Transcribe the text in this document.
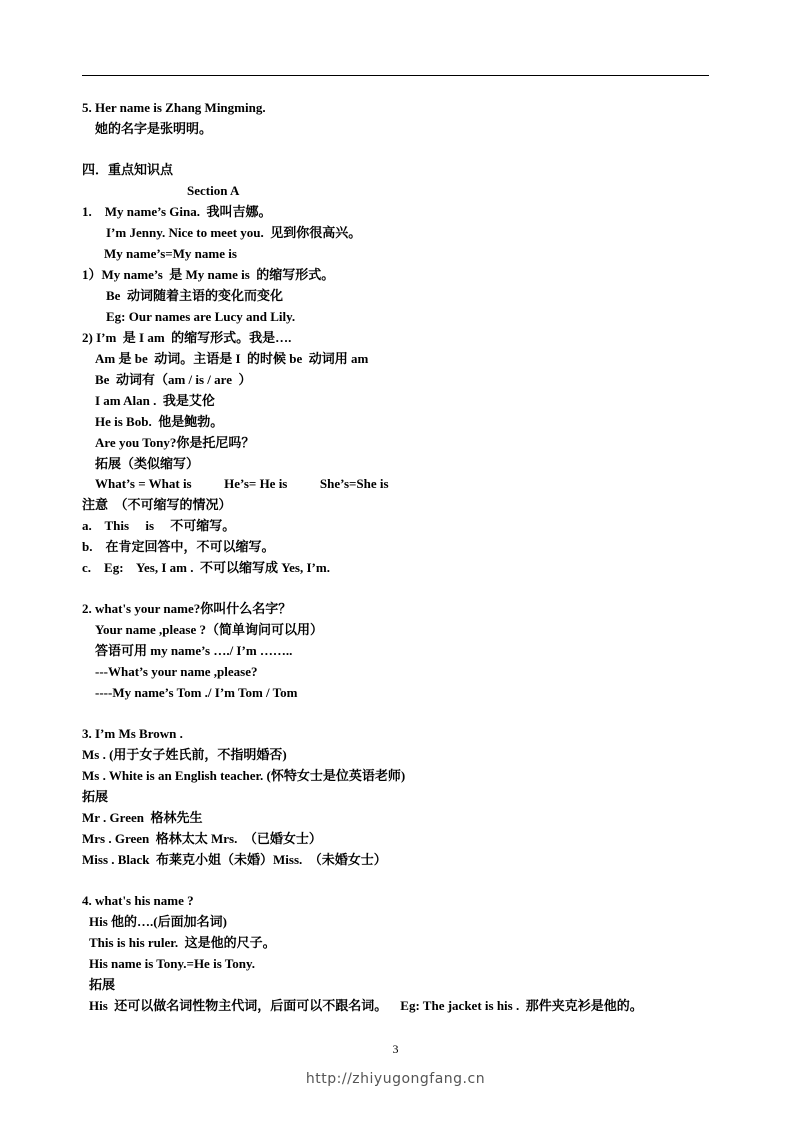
5. Her name is Zhang Mingming.
她的名字是张明明。
四．重点知识点
Section A
1.    My name’s Gina.  我叫吉娜。
I’m Jenny. Nice to meet you.  见到你很高兴。
My name’s=My name is
1）My name’s  是 My name is  的缩写形式。
Be  动词随着主语的变化而变化
Eg: Our names are Lucy and Lily.
2) I’m  是 I am  的缩写形式。我是….
Am 是 be  动词。主语是 I  的时候 be  动词用 am
Be  动词有（am / is / are  ）
I am Alan .  我是艾伦
He is Bob.  他是鲍勃。
Are you Tony?你是托尼吗？
拓展（类似缩写）
What’s = What is          He’s= He is          She’s=She is
注意  （不可缩写的情况）
a.    This     is     不可缩写。
b.    在肯定回答中，不可以缩写。
c.    Eg:    Yes, I am .  不可以缩写成 Yes, I’m.
2. what's your name?你叫什么名字？
Your name ,please ?（简单询问可以用）
答语可用 my name’s …./ I’m ……..
---What’s your name ,please?
----My name’s Tom ./ I’m Tom / Tom
3. I’m Ms Brown .
Ms . (用于女子姓氏前，不指明婚否)
Ms . White is an English teacher. (怀特女士是位英语老师)
拓展
Mr . Green  格林先生
Mrs . Green  格林太太 Mrs.  （已婚女士）
Miss . Black  布莱克小姐（未婚）Miss.  （未婚女士）
4. what's his name ?
His 他的….(后面加名词)
This is his ruler.  这是他的尺子。
His name is Tony.=He is Tony.
拓展
His  还可以做名词性物主代词，后面可以不跟名词。    Eg: The jacket is his .  那件夹克衫是他的。
3
http://zhiyugongfang.cn
